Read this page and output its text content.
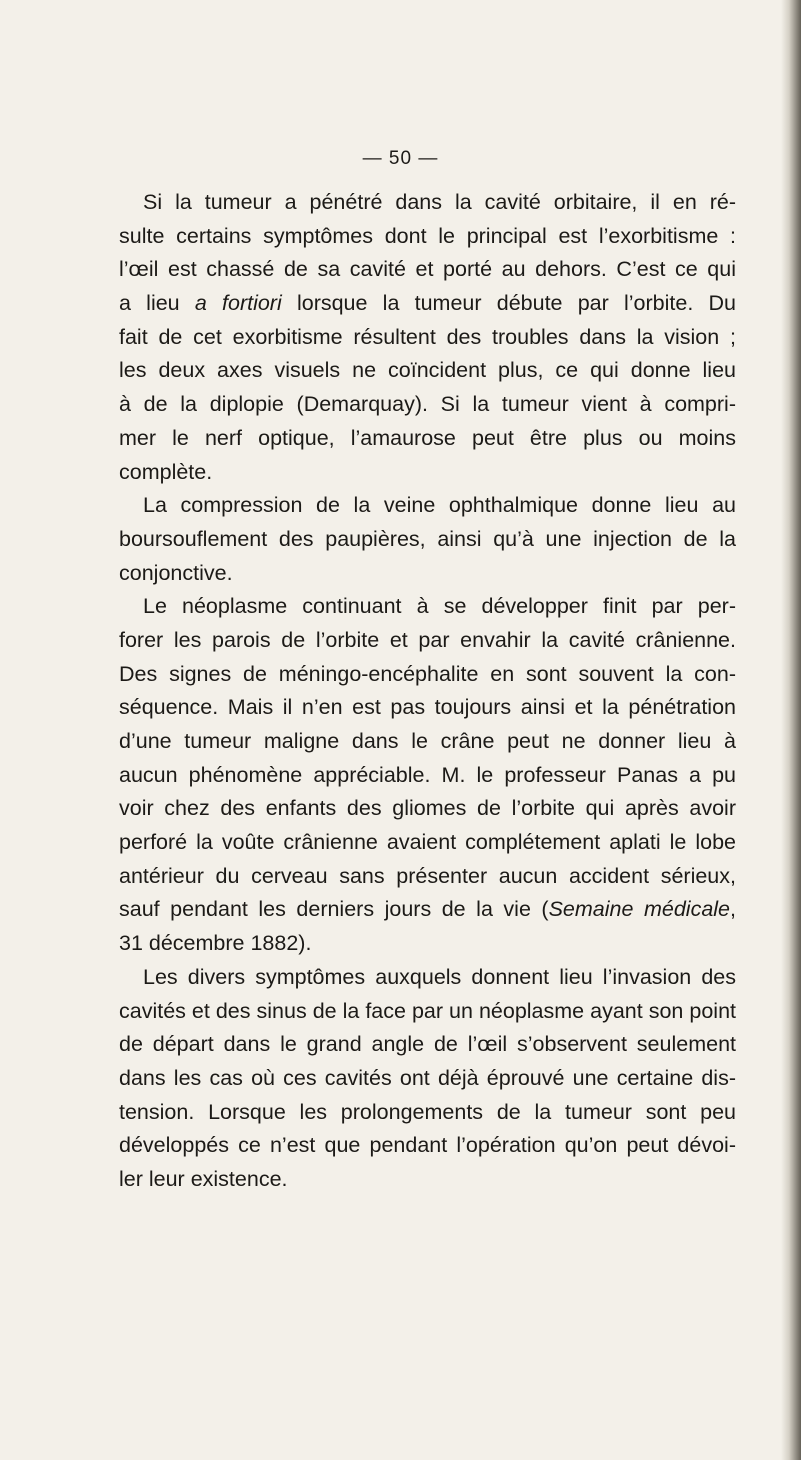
— 50 —
Si la tumeur a pénétré dans la cavité orbitaire, il en ré-
sulte certains symptômes dont le principal est l’exorbitisme :
l’œil est chassé de sa cavité et porté au dehors. C’est ce qui
a lieu a fortiori lorsque la tumeur débute par l’orbite. Du
fait de cet exorbitisme résultent des troubles dans la vision ;
les deux axes visuels ne coïncident plus, ce qui donne lieu
à de la diplopie (Demarquay). Si la tumeur vient à compri-
mer le nerf optique, l’amaurose peut être plus ou moins
complète.
La compression de la veine ophthalmique donne lieu au
boursouflement des paupières, ainsi qu’à une injection de la
conjonctive.
Le néoplasme continuant à se développer finit par per-
forer les parois de l’orbite et par envahir la cavité crânienne.
Des signes de méningo-encéphalite en sont souvent la con-
séquence. Mais il n’en est pas toujours ainsi et la pénétration
d’une tumeur maligne dans le crâne peut ne donner lieu à
aucun phénomène appréciable. M. le professeur Panas a pu
voir chez des enfants des gliomes de l’orbite qui après avoir
perforé la voûte crânienne avaient complétement aplati le lobe
antérieur du cerveau sans présenter aucun accident sérieux,
sauf pendant les derniers jours de la vie (Semaine médicale,
31 décembre 1882).
Les divers symptômes auxquels donnent lieu l’invasion des
cavités et des sinus de la face par un néoplasme ayant son point
de départ dans le grand angle de l’œil s’observent seulement
dans les cas où ces cavités ont déjà éprouvé une certaine dis-
tension. Lorsque les prolongements de la tumeur sont peu
développés ce n’est que pendant l’opération qu’on peut dévoi-
ler leur existence.
